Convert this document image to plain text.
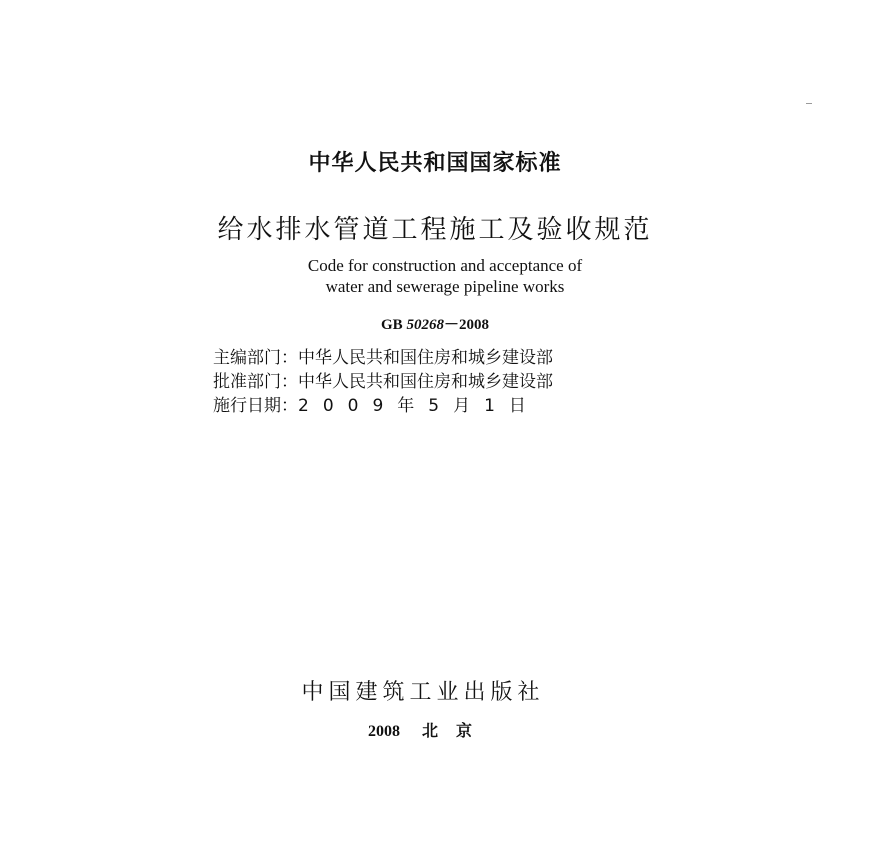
中华人民共和国国家标准
给水排水管道工程施工及验收规范
Code for construction and acceptance of
water and sewerage pipeline works
GB 50268－2008
主编部门：中华人民共和国住房和城乡建设部
批准部门：中华人民共和国住房和城乡建设部
施行日期：2009年5月1日
中国建筑工业出版社
2008 北京
